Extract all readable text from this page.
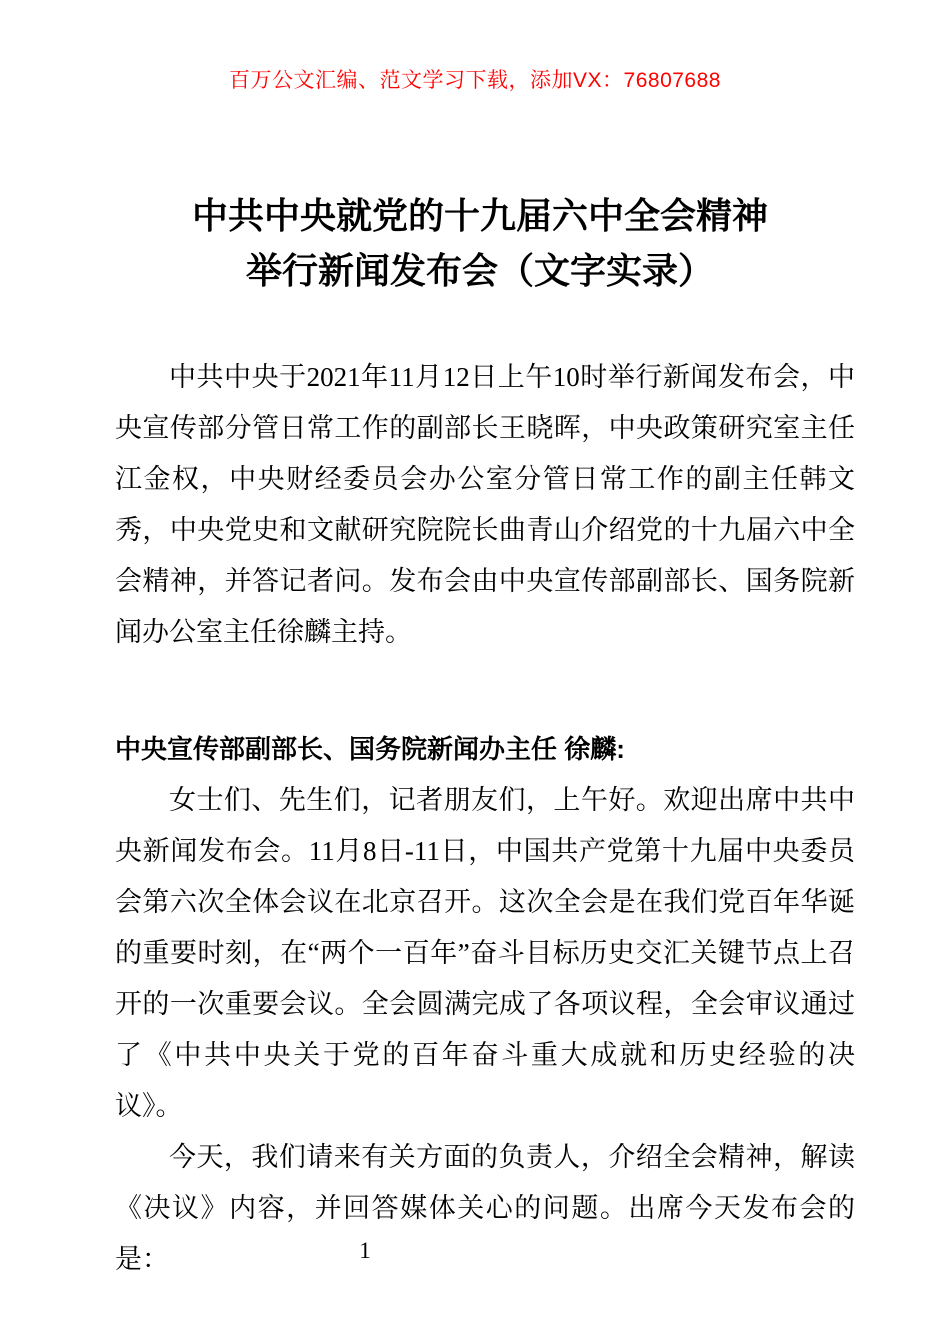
百万公文汇编、范文学习下载，添加VX：76807688
中共中央就党的十九届六中全会精神
举行新闻发布会（文字实录）

中共中央于2021年11月12日上午10时举行新闻发布会，中央宣传部分管日常工作的副部长王晓晖，中央政策研究室主任江金权，中央财经委员会办公室分管日常工作的副主任韩文秀，中央党史和文献研究院院长曲青山介绍党的十九届六中全会精神，并答记者问。发布会由中央宣传部副部长、国务院新闻办公室主任徐麟主持。

中央宣传部副部长、国务院新闻办主任 徐麟:

女士们、先生们，记者朋友们，上午好。欢迎出席中共中央新闻发布会。11月8日-11日，中国共产党第十九届中央委员会第六次全体会议在北京召开。这次全会是在我们党百年华诞的重要时刻，在“两个一百年”奋斗目标历史交汇关键节点上召开的一次重要会议。全会圆满完成了各项议程，全会审议通过了《中共中央关于党的百年奋斗重大成就和历史经验的决议》。

今天，我们请来有关方面的负责人，介绍全会精神，解读《决议》内容，并回答媒体关心的问题。出席今天发布会的是：	1
